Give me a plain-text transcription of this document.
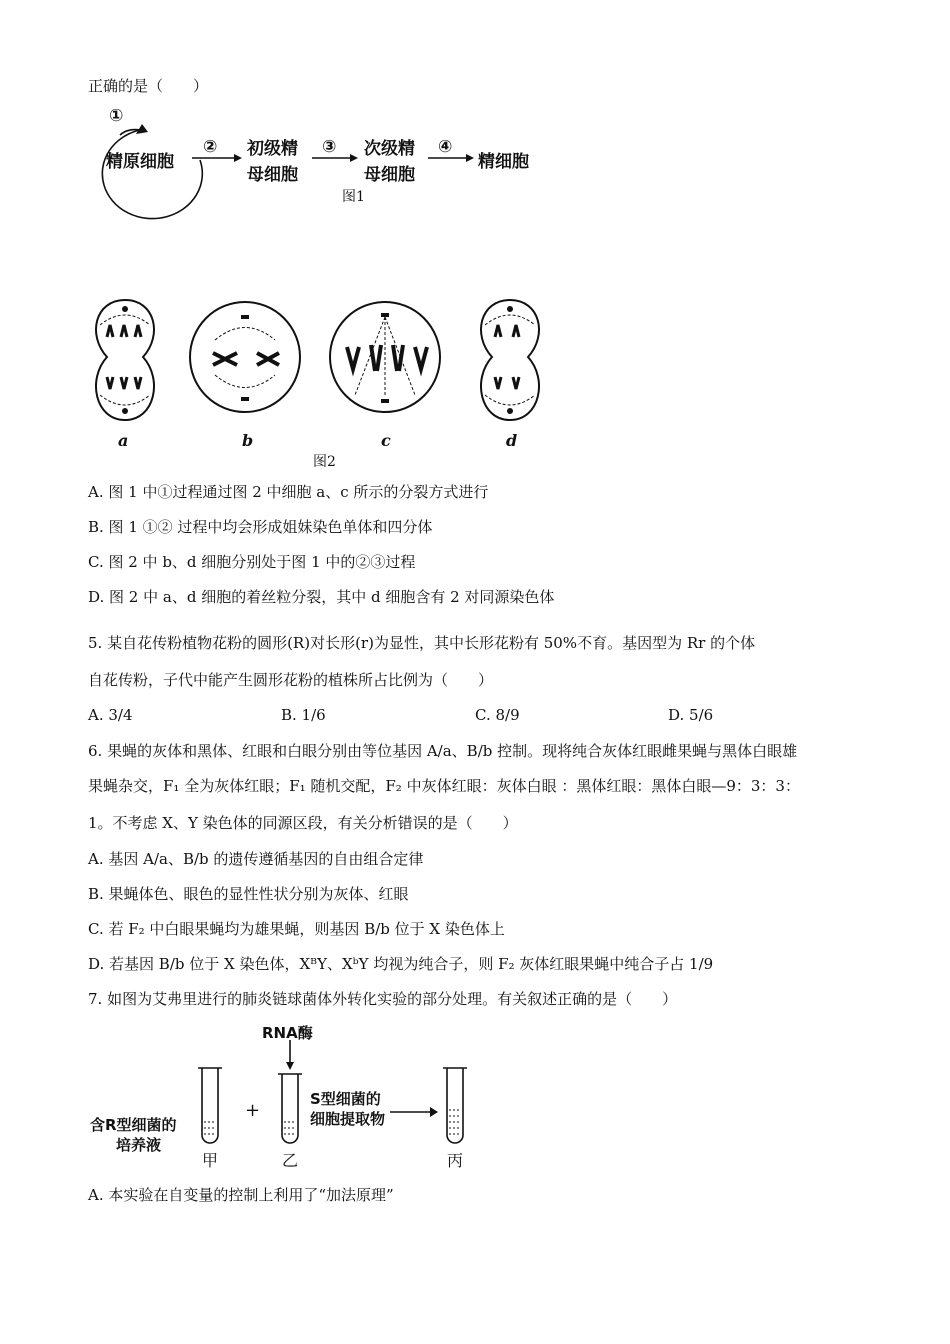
正确的是（　　）
①
②	③	④
精原细胞
初级精
母细胞
次级精
母细胞
精细胞
图1
a	b	c	d
图2
A. 图 1 中①过程通过图 2 中细胞 a、c 所示的分裂方式进行
B. 图 1 ①② 过程中均会形成姐妹染色单体和四分体
C. 图 2 中 b、d 细胞分别处于图 1 中的②③过程
D. 图 2 中 a、d 细胞的着丝粒分裂，其中 d 细胞含有 2 对同源染色体
5. 某自花传粉植物花粉的圆形(R)对长形(r)为显性，其中长形花粉有 50%不育。基因型为 Rr 的个体
自花传粉，子代中能产生圆形花粉的植株所占比例为（　　）
A. 3/4	B. 1/6	C. 8/9	D. 5/6
6. 果蝇的灰体和黑体、红眼和白眼分别由等位基因 A/a、B/b 控制。现将纯合灰体红眼雌果蝇与黑体白眼雄
果蝇杂交，F₁ 全为灰体红眼；F₁ 随机交配，F₂ 中灰体红眼：灰体白眼 ：黑体红眼：黑体白眼—9：3：3：
1。不考虑 X、Y 染色体的同源区段，有关分析错误的是（　　）
A. 基因 A/a、B/b 的遗传遵循基因的自由组合定律
B. 果蝇体色、眼色的显性性状分别为灰体、红眼
C. 若 F₂ 中白眼果蝇均为雄果蝇，则基因 B/b 位于 X 染色体上
D. 若基因 B/b 位于 X 染色体，XᴮY、XᵇY 均视为纯合子，则 F₂ 灰体红眼果蝇中纯合子占 1/9
7. 如图为艾弗里进行的肺炎链球菌体外转化实验的部分处理。有关叙述正确的是（　　）
RNA酶
含R型细菌的
培养液
+
S型细菌的
细胞提取物
甲	乙	丙
A. 本实验在自变量的控制上利用了“加法原理”
